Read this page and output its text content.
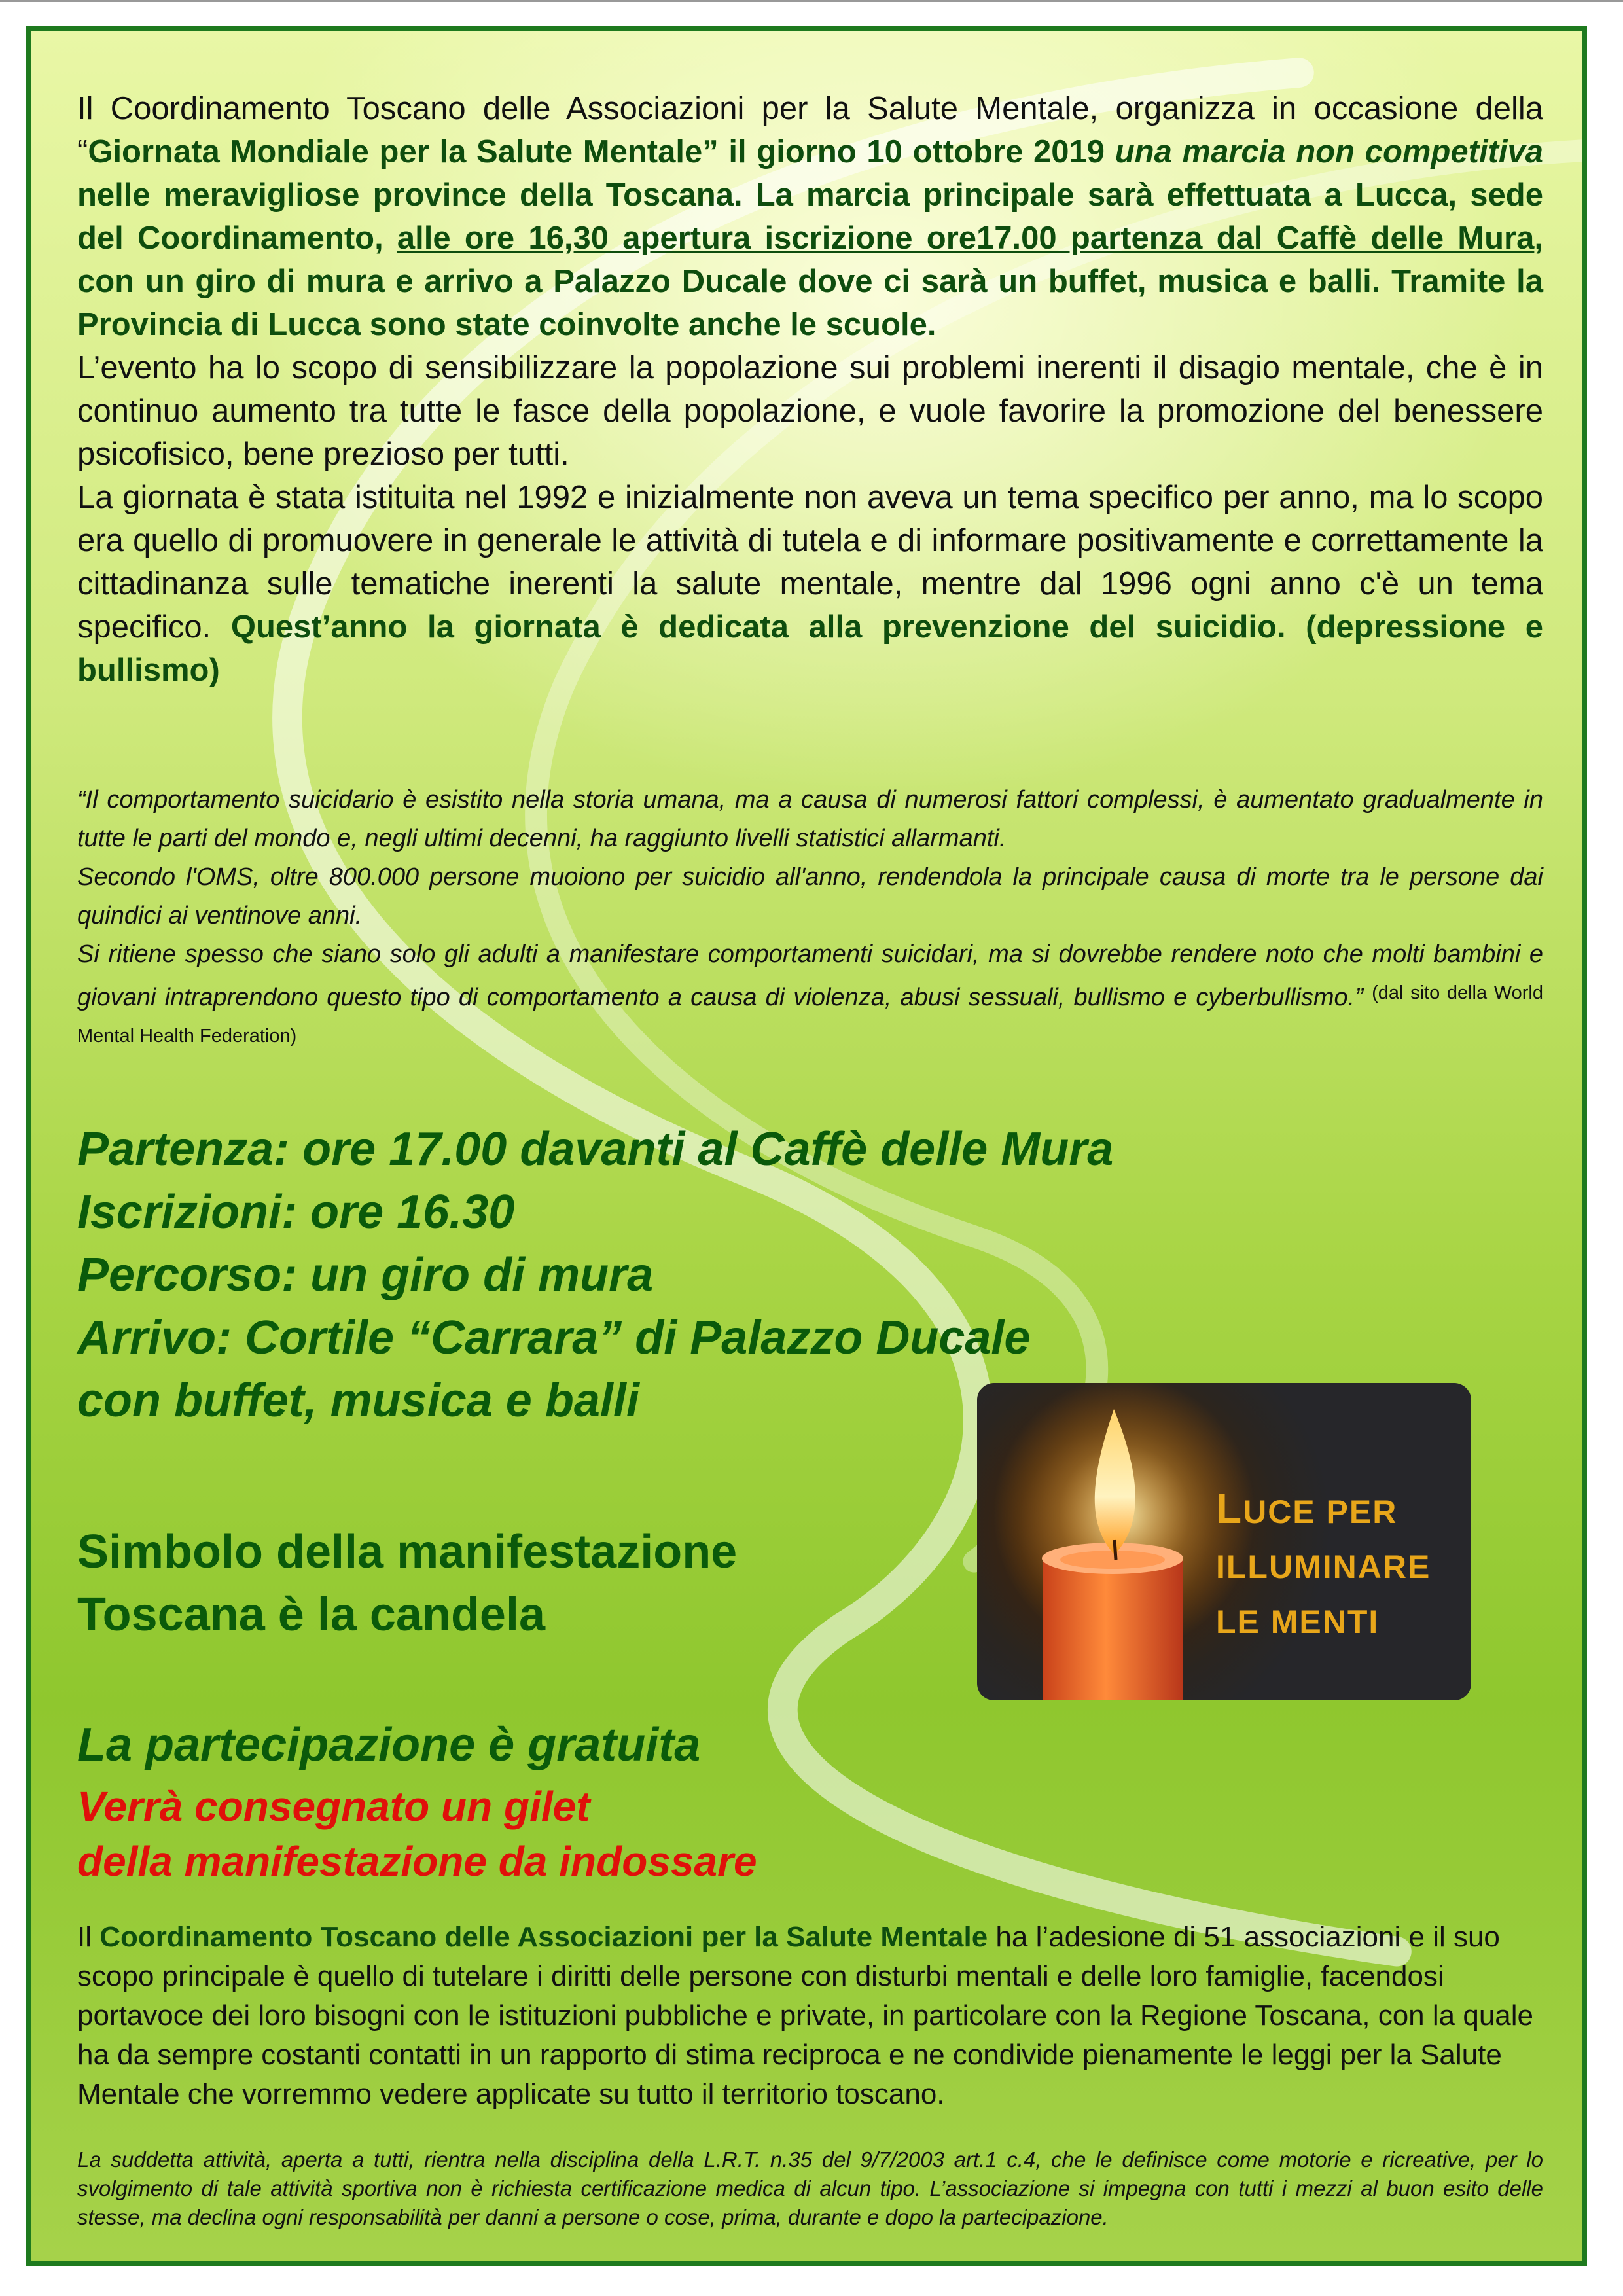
Il Coordinamento Toscano delle Associazioni per la Salute Mentale, organizza in occasione della “Giornata Mondiale per la Salute Mentale” il giorno 10 ottobre 2019 una marcia non competitiva nelle meravigliose province della Toscana. La marcia principale sarà effettuata a Lucca, sede del Coordinamento, alle ore 16,30 apertura iscrizione ore17.00 partenza dal Caffè delle Mura, con un giro di mura e arrivo a Palazzo Ducale dove ci sarà un buffet, musica e balli. Tramite la Provincia di Lucca sono state coinvolte anche le scuole.
L’evento ha lo scopo di sensibilizzare la popolazione sui problemi inerenti il disagio mentale, che è in continuo aumento tra tutte le fasce della popolazione, e vuole favorire la promozione del benessere psicofisico, bene prezioso per tutti.
La giornata è stata istituita nel 1992 e inizialmente non aveva un tema specifico per anno, ma lo scopo era quello di promuovere in generale le attività di tutela e di informare positivamente e correttamente la cittadinanza sulle tematiche inerenti la salute mentale, mentre dal 1996 ogni anno c'è un tema specifico. Quest’anno la giornata è dedicata alla prevenzione del suicidio. (depressione e bullismo)
“Il comportamento suicidario è esistito nella storia umana, ma a causa di numerosi fattori complessi, è aumentato gradualmente in tutte le parti del mondo e, negli ultimi decenni, ha raggiunto livelli statistici allarmanti.
Secondo l'OMS, oltre 800.000 persone muoiono per suicidio all'anno, rendendola la principale causa di morte tra le persone dai quindici ai ventinove anni.
Si ritiene spesso che siano solo gli adulti a manifestare comportamenti suicidari, ma si dovrebbe rendere noto che molti bambini e giovani intraprendono questo tipo di comportamento a causa di violenza, abusi sessuali, bullismo e cyberbullismo.” $^{(dal sito della World Mental Health Federation)}$
Partenza: ore 17.00 davanti al Caffè delle Mura
Iscrizioni: ore 16.30
Percorso: un giro di mura
Arrivo: Cortile “Carrara” di Palazzo Ducale
con buffet, musica e balli
Simbolo della manifestazione
Toscana è la candela
LUCE PER
ILLUMINARE
LE MENTI
La partecipazione è gratuita
Verrà consegnato un gilet
della manifestazione da indossare
Il Coordinamento Toscano delle Associazioni per la Salute Mentale ha l’adesione di 51 associazioni e il suo scopo principale è quello di tutelare i diritti delle persone con disturbi mentali e delle loro famiglie, facendosi portavoce dei loro bisogni con le istituzioni pubbliche e private, in particolare con la Regione Toscana, con la quale ha da sempre costanti contatti in un rapporto di stima reciproca e ne condivide pienamente le leggi per la Salute Mentale che vorremmo vedere applicate su tutto il territorio toscano.
La suddetta attività, aperta a tutti, rientra nella disciplina della L.R.T. n.35 del 9/7/2003 art.1 c.4, che le definisce come motorie e ricreative, per lo svolgimento di tale attività sportiva non è richiesta certificazione medica di alcun tipo. L’associazione si impegna con tutti i mezzi al buon esito delle stesse, ma declina ogni responsabilità per danni a persone o cose, prima, durante e dopo la partecipazione.
